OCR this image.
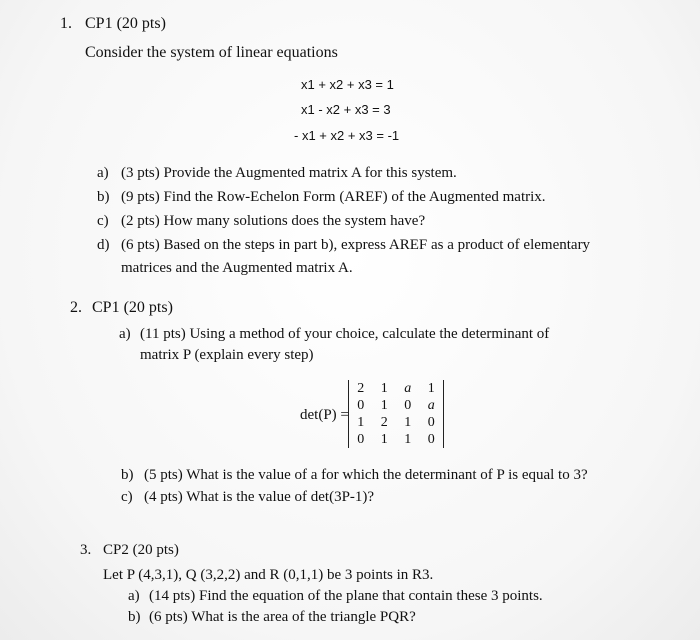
1. CP1 (20 pts)
Consider the system of linear equations
x1 + x2 + x3 = 1
x1 - x2 + x3 = 3
- x1 + x2 + x3 = -1
a) (3 pts) Provide the Augmented matrix A for this system.
b) (9 pts) Find the Row-Echelon Form (AREF) of the Augmented matrix.
c) (2 pts) How many solutions does the system have?
d) (6 pts) Based on the steps in part b), express AREF as a product of elementary
matrices and the Augmented matrix A.
2. CP1 (20 pts)
a) (11 pts) Using a method of your choice, calculate the determinant of
matrix P (explain every step)
det(P) =
2	1	a	1
0	1	0	a
1	2	1	0
0	1	1	0
b) (5 pts) What is the value of a for which the determinant of P is equal to 3?
c) (4 pts) What is the value of det(3P-1)?
3. CP2 (20 pts)
Let P (4,3,1), Q (3,2,2) and R (0,1,1) be 3 points in R3.
a) (14 pts) Find the equation of the plane that contain these 3 points.
b) (6 pts) What is the area of the triangle PQR?
